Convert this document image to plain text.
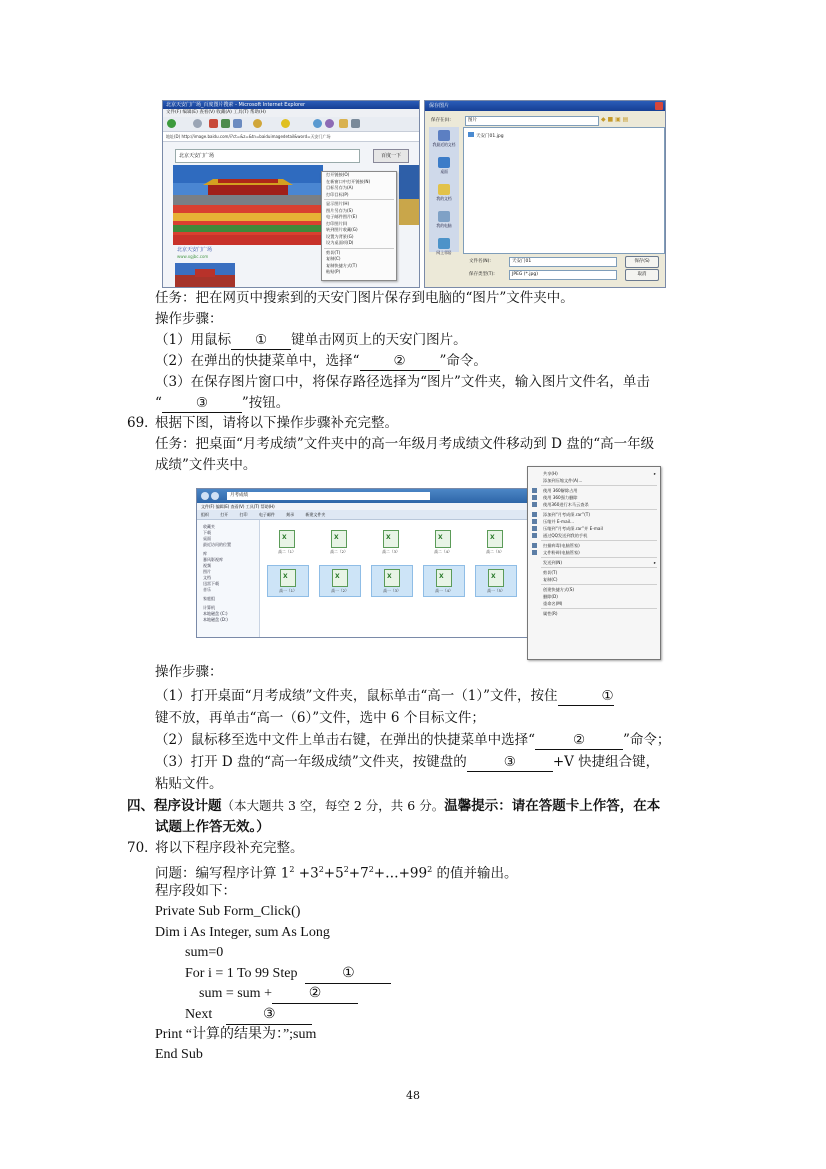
北京天安门广场_百度图片搜索 - Microsoft Internet Explorer
文件(F) 编辑(E) 查看(V) 收藏(A) 工具(T) 帮助(H)
地址(D) http://image.baidu.com/i?ct=&z=&tn=baiduimagedetail&word=天安门广场
北京天安门广场	百度一下
北京天安门广场
www.xgjbc.com
打开链接(O)
在新窗口中打开链接(N)
目标另存为(A)
打印目标(P)
显示图片(H)
图片另存为(S)
电子邮件图片(E)
打印图片(I)
转到图片收藏(G)
设置为背景(G)
设为桌面项(D)
剪切(T)
复制(C)
复制快捷方式(T)
粘贴(P)
保存图片
保存在(I):	图片	◆ ■ ▣ ▤
我最近的文档
桌面
我的文档
我的电脑
网上邻居
天安门01.jpg
文件名(N):	天安门01
保存类型(T):	JPEG (*.jpg)
保存(S)
取消
任务：把在网页中搜索到的天安门图片保存到电脑的“图片”文件夹中。
操作步骤：
（1）用鼠标 ① 键单击网页上的天安门图片。
（2）在弹出的快捷菜单中，选择“	②	”命令。
（3）在保存图片窗口中，将保存路径选择为“图片”文件夹，输入图片文件名，单击
“	③	”按钮。
69．
根据下图，请将以下操作步骤补充完整。
任务：把桌面“月考成绩”文件夹中的高一年级月考成绩文件移动到 D 盘的“高一年级
成绩”文件夹中。
月考成绩
文件(F) 编辑(E) 查看(V) 工具(T) 帮助(H)
组织 打开 打印 电子邮件 刻录 新建文件夹
收藏夹
下载
桌面
最近访问的位置
库
暴风影视库
视频
图片
文档
迅雷下载
音乐
家庭组
计算机
本地磁盘 (C:)
本地磁盘 (D:)
X
高二（1）
X	高二（2）
X	高二（3）
X	高二（4）
X	高二（5）
X
高一（1）
X	高一（2）
X	高一（3）
X	高一（4）
X	高一（5）
共享(H)	▸
添加到压缩文件(A)...
使用 360解除占用
使用 360强力删除
使用360进行木马云查杀
添加到“月考成绩.rar”(T)
压缩并 E-mail...
压缩到“月考成绩.rar”并 E-mail
通过QQ发送到我的手机
扫描病毒(电脑管家)
文件粉碎(电脑管家)
发送到(N)	▸
剪切(T)
复制(C)
创建快捷方式(S)
删除(D)
重命名(M)
属性(R)
操作步骤：
（1）打开桌面“月考成绩”文件夹，鼠标单击“高一（1）”文件，按住	①
键不放，再单击“高一（6）”文件，选中 6 个目标文件；
（2）鼠标移至选中文件上单击右键，在弹出的快捷菜单中选择“	②	”命令；
（3）打开 D 盘的“高一年级成绩”文件夹，按键盘的	③	+V 快捷组合键，
粘贴文件。
四、程序设计题（本大题共 3 空，每空 2 分，共 6 分。温馨提示：请在答题卡上作答，在本
试题上作答无效。）
70．
将以下程序段补充完整。
问题：编写程序计算 $1^2$ $+3^2+5^2+7^2+\dots+99^2$ 的值并输出。
程序段如下：
Private Sub Form_Click()
Dim i As Integer, sum As Long
sum=0
For i = 1 To 99 Step	①
sum = sum +	②
Next	③
Print “计算的结果为：”;sum
End Sub
48
